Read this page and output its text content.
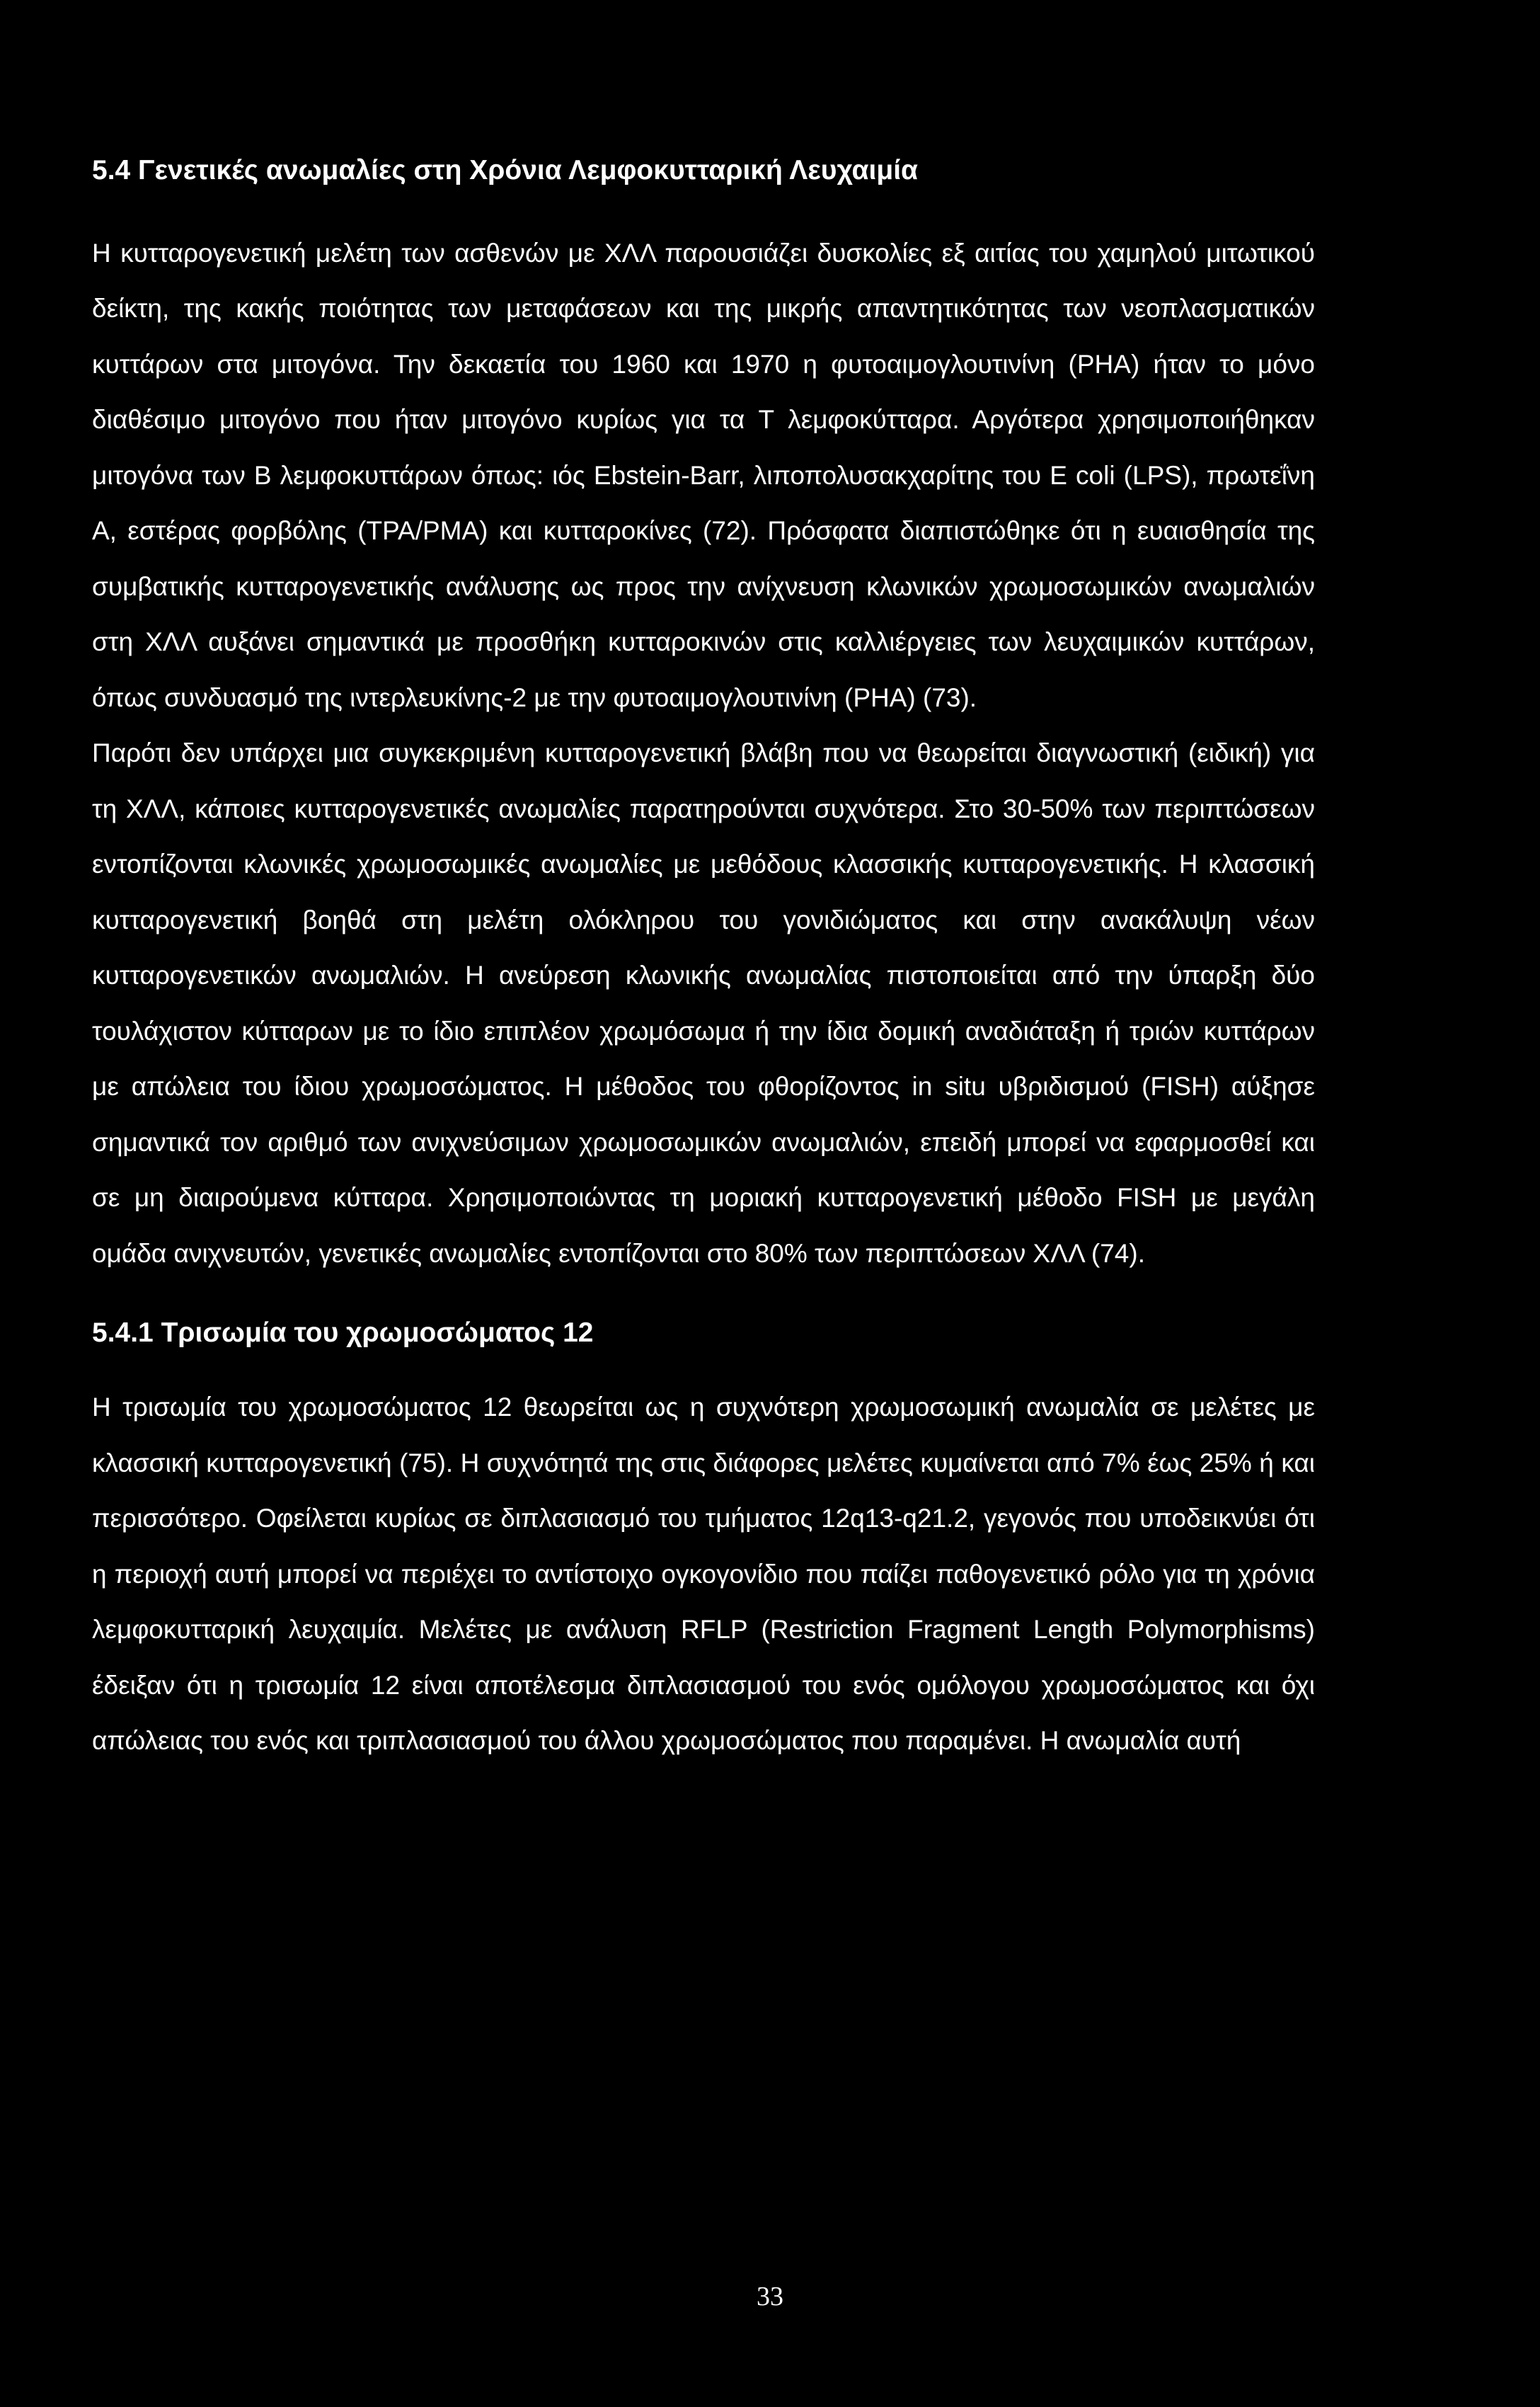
5.4 Γενετικές ανωμαλίες στη Χρόνια Λεμφοκυτταρική Λευχαιμία

Η κυτταρογενετική μελέτη των ασθενών με ΧΛΛ παρουσιάζει δυσκολίες εξ αιτίας του χαμηλού μιτωτικού δείκτη, της κακής ποιότητας των μεταφάσεων και της μικρής απαντητικότητας των νεοπλασματικών κυττάρων στα μιτογόνα. Την δεκαετία του 1960 και 1970 η φυτοαιμογλουτινίνη (PHA) ήταν το μόνο διαθέσιμο μιτογόνο που ήταν μιτογόνο κυρίως για τα Τ λεμφοκύτταρα. Αργότερα χρησιμοποιήθηκαν μιτογόνα των Β λεμφοκυττάρων όπως: ιός Ebstein-Barr, λιποπολυσακχαρίτης του E coli (LPS), πρωτεΐνη Α, εστέρας φορβόλης (TPA/PMA) και κυτταροκίνες (72). Πρόσφατα διαπιστώθηκε ότι η ευαισθησία της συμβατικής κυτταρογενετικής ανάλυσης ως προς την ανίχνευση κλωνικών χρωμοσωμικών ανωμαλιών στη ΧΛΛ αυξάνει σημαντικά με προσθήκη κυτταροκινών στις καλλιέργειες των λευχαιμικών κυττάρων, όπως συνδυασμό της ιντερλευκίνης-2 με την φυτοαιμογλουτινίνη (PHA) (73).

Παρότι δεν υπάρχει μια συγκεκριμένη κυτταρογενετική βλάβη που να θεωρείται διαγνωστική (ειδική) για τη ΧΛΛ, κάποιες κυτταρογενετικές ανωμαλίες παρατηρούνται συχνότερα. Στο 30-50% των περιπτώσεων εντοπίζονται κλωνικές χρωμοσωμικές ανωμαλίες με μεθόδους κλασσικής κυτταρογενετικής. Η κλασσική κυτταρογενετική βοηθά στη μελέτη ολόκληρου του γονιδιώματος και στην ανακάλυψη νέων κυτταρογενετικών ανωμαλιών. Η ανεύρεση κλωνικής ανωμαλίας πιστοποιείται από την ύπαρξη δύο τουλάχιστον κύτταρων με το ίδιο επιπλέον χρωμόσωμα ή την ίδια δομική αναδιάταξη ή τριών κυττάρων με απώλεια του ίδιου χρωμοσώματος. Η μέθοδος του φθορίζοντος in situ υβριδισμού (FISH) αύξησε σημαντικά τον αριθμό των ανιχνεύσιμων χρωμοσωμικών ανωμαλιών, επειδή μπορεί να εφαρμοσθεί και σε μη διαιρούμενα κύτταρα. Χρησιμοποιώντας τη μοριακή κυτταρογενετική μέθοδο FISH με μεγάλη ομάδα ανιχνευτών, γενετικές ανωμαλίες εντοπίζονται στο 80% των περιπτώσεων ΧΛΛ (74).

5.4.1 Τρισωμία του χρωμοσώματος 12

Η τρισωμία του χρωμοσώματος 12 θεωρείται ως η συχνότερη χρωμοσωμική ανωμαλία σε μελέτες με κλασσική κυτταρογενετική (75). Η συχνότητά της στις διάφορες μελέτες κυμαίνεται από 7% έως 25% ή και περισσότερο. Οφείλεται κυρίως σε διπλασιασμό του τμήματος 12q13-q21.2, γεγονός που υποδεικνύει ότι η περιοχή αυτή μπορεί να περιέχει το αντίστοιχο ογκογονίδιο που παίζει παθογενετικό ρόλο για τη χρόνια λεμφοκυτταρική λευχαιμία. Μελέτες με ανάλυση RFLP (Restriction Fragment Length Polymorphisms) έδειξαν ότι η τρισωμία 12 είναι αποτέλεσμα διπλασιασμού του ενός ομόλογου χρωμοσώματος και όχι απώλειας του ενός και τριπλασιασμού του άλλου χρωμοσώματος που παραμένει. Η ανωμαλία αυτή

33
